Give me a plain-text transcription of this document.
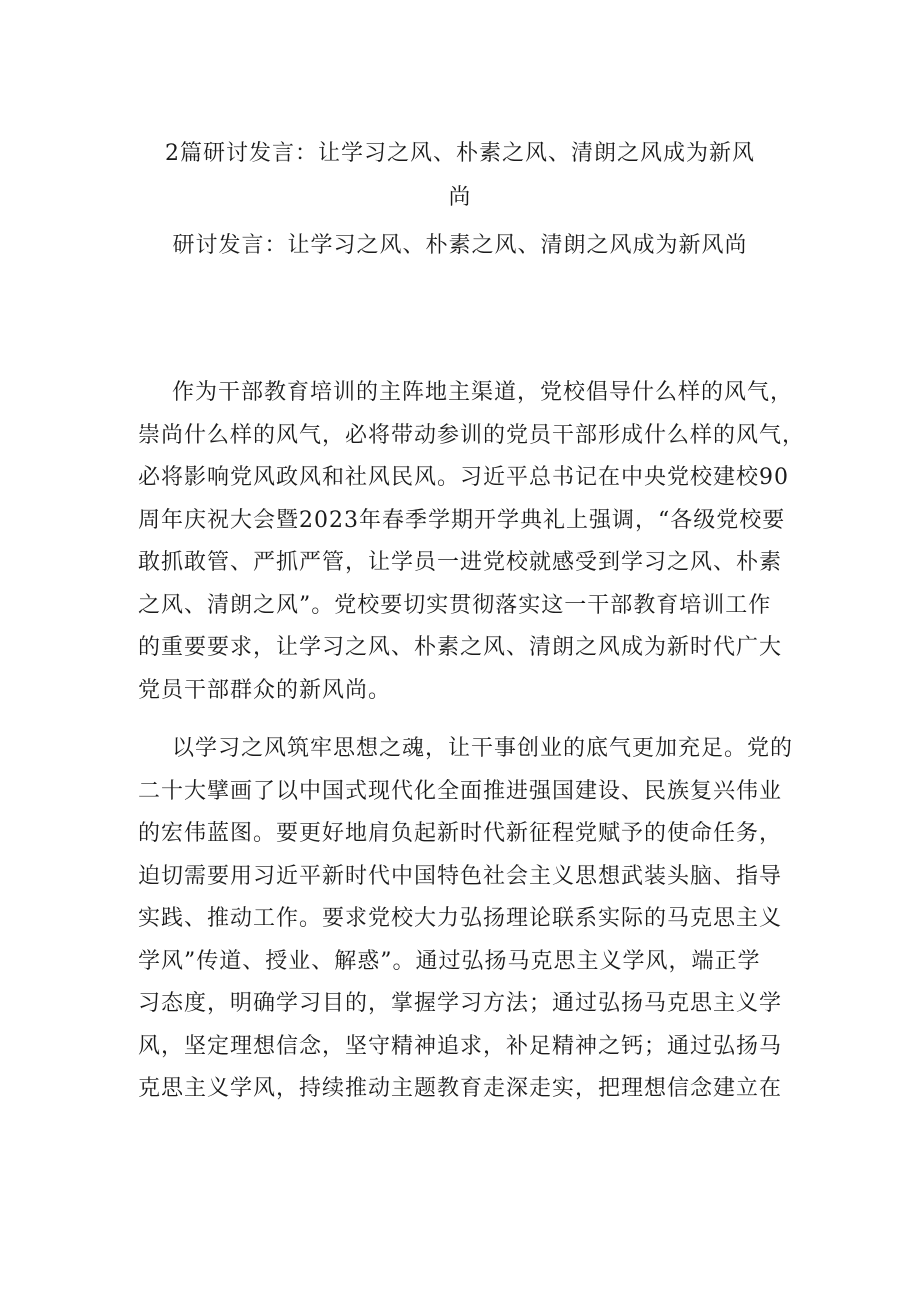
2篇研讨发言：让学习之风、朴素之风、清朗之风成为新风
尚
研讨发言：让学习之风、朴素之风、清朗之风成为新风尚

作为干部教育培训的主阵地主渠道，党校倡导什么样的风气，
崇尚什么样的风气，必将带动参训的党员干部形成什么样的风气，
必将影响党风政风和社风民风。习近平总书记在中央党校建校90
周年庆祝大会暨2023年春季学期开学典礼上强调，“各级党校要
敢抓敢管、严抓严管，让学员一进党校就感受到学习之风、朴素
之风、清朗之风”。党校要切实贯彻落实这一干部教育培训工作
的重要要求，让学习之风、朴素之风、清朗之风成为新时代广大
党员干部群众的新风尚。

以学习之风筑牢思想之魂，让干事创业的底气更加充足。党的
二十大擘画了以中国式现代化全面推进强国建设、民族复兴伟业
的宏伟蓝图。要更好地肩负起新时代新征程党赋予的使命任务，
迫切需要用习近平新时代中国特色社会主义思想武装头脑、指导
实践、推动工作。要求党校大力弘扬理论联系实际的马克思主义
学风”传道、授业、解惑”。通过弘扬马克思主义学风，端正学
习态度，明确学习目的，掌握学习方法；通过弘扬马克思主义学
风，坚定理想信念，坚守精神追求，补足精神之钙；通过弘扬马
克思主义学风，持续推动主题教育走深走实，把理想信念建立在
